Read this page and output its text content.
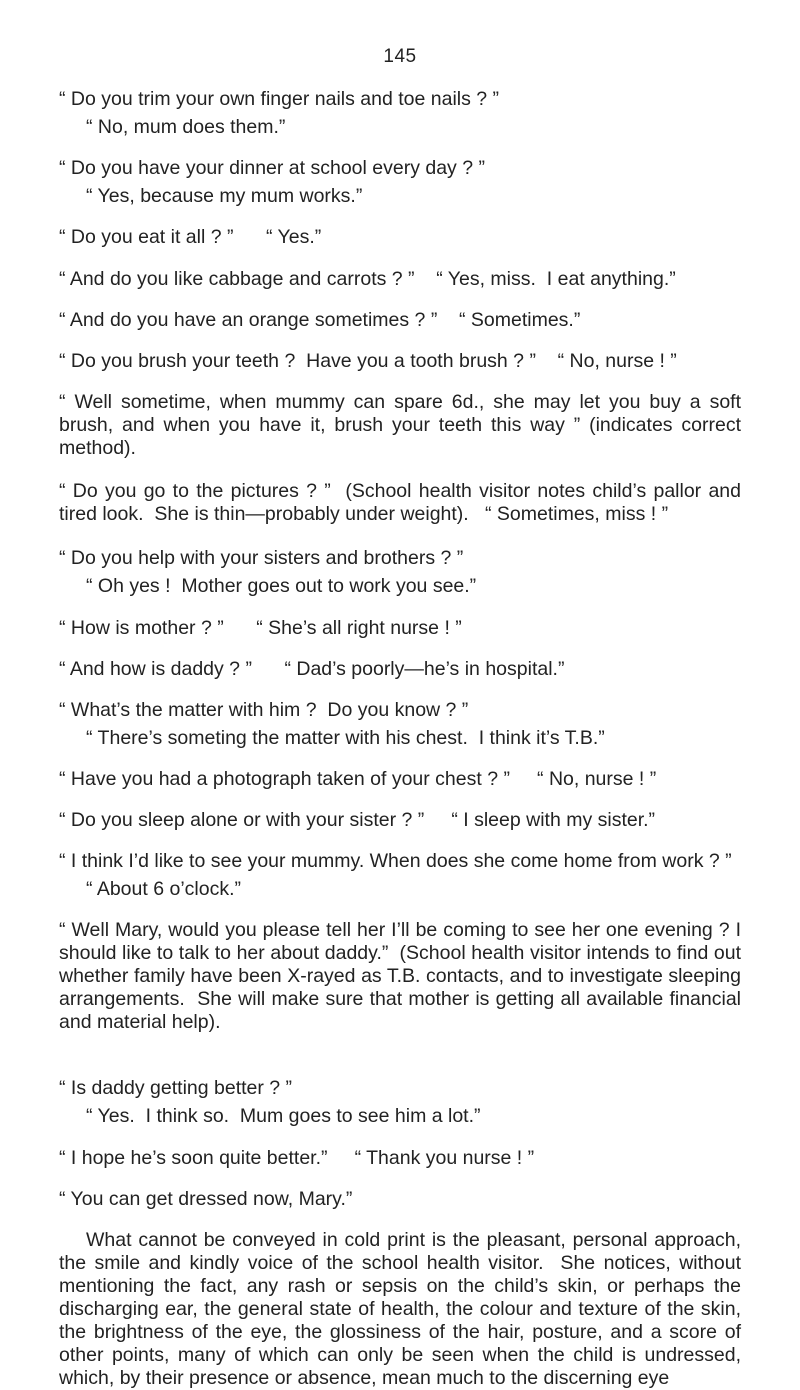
145
“ Do you trim your own finger nails and toe nails ? ”
“ No, mum does them.”
“ Do you have your dinner at school every day ? ”
“ Yes, because my mum works.”
“ Do you eat it all ? ”      “ Yes.”
“ And do you like cabbage and carrots ? ”    “ Yes, miss.  I eat anything.”
“ And do you have an orange sometimes ? ”    “ Sometimes.”
“ Do you brush your teeth ?  Have you a tooth brush ? ”    “ No, nurse ! ”
“ Well sometime, when mummy can spare 6d., she may let you buy a soft brush, and when you have it, brush your teeth this way ” (indicates correct method).
“ Do you go to the pictures ? ”  (School health visitor notes child’s pallor and tired look.  She is thin—probably under weight).   “ Sometimes, miss ! ”
“ Do you help with your sisters and brothers ? ”
“ Oh yes !  Mother goes out to work you see.”
“ How is mother ? ”      “ She’s all right nurse ! ”
“ And how is daddy ? ”      “ Dad’s poorly—he’s in hospital.”
“ What’s the matter with him ?  Do you know ? ”
“ There’s someting the matter with his chest.  I think it’s T.B.”
“ Have you had a photograph taken of your chest ? ”     “ No, nurse ! ”
“ Do you sleep alone or with your sister ? ”     “ I sleep with my sister.”
“ I think I’d like to see your mummy. When does she come home from work ? ”
“ About 6 o’clock.”
“ Well Mary, would you please tell her I’ll be coming to see her one evening ? I should like to talk to her about daddy.”  (School health visitor intends to find out whether family have been X-rayed as T.B. contacts, and to investigate sleeping arrangements.  She will make sure that mother is getting all available financial and material help).
“ Is daddy getting better ? ”
“ Yes.  I think so.  Mum goes to see him a lot.”
“ I hope he’s soon quite better.”     “ Thank you nurse ! ”
“ You can get dressed now, Mary.”
What cannot be conveyed in cold print is the pleasant, personal approach, the smile and kindly voice of the school health visitor.  She notices, without mentioning the fact, any rash or sepsis on the child’s skin, or perhaps the discharging ear, the general state of health, the colour and texture of the skin, the brightness of the eye, the glossiness of the hair, posture, and a score of other points, many of which can only be seen when the child is undressed, which, by their presence or absence, mean much to the discerning eye
